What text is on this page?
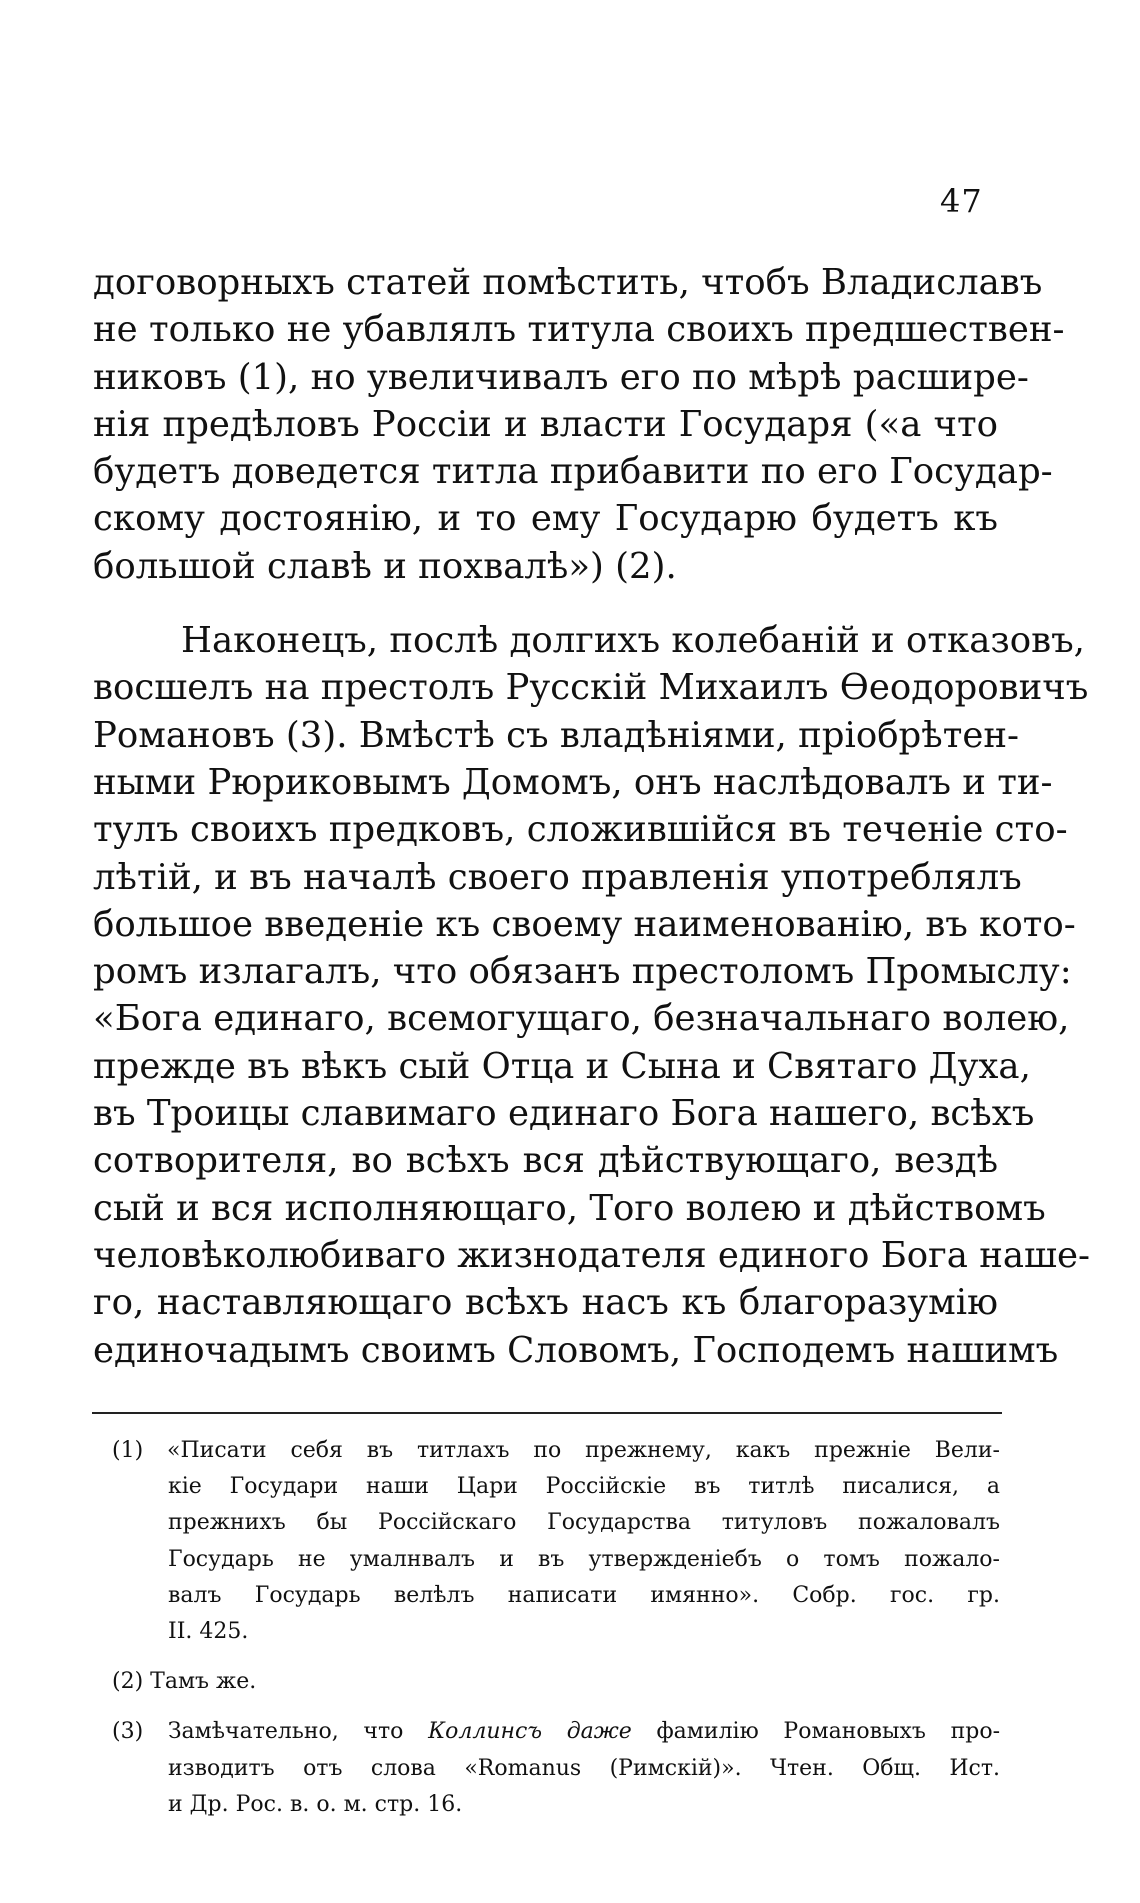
47
договорныхъ статей помѣстить, чтобъ Владиславъ
не только не убавлялъ титула своихъ предшествен-
никовъ (1), но увеличивалъ его по мѣрѣ расшире-
нія предѣловъ Россіи и власти Государя («а что
будетъ доведется титла прибавити по его Государ-
скому достоянію, и то ему Государю будетъ къ
большой славѣ и похвалѣ») (2).
Наконецъ, послѣ долгихъ колебаній и отказовъ,
восшелъ на престолъ Русскій Михаилъ Ѳеодоровичъ
Романовъ (3). Вмѣстѣ съ владѣніями, пріобрѣтен-
ными Рюриковымъ Домомъ, онъ наслѣдовалъ и ти-
тулъ своихъ предковъ, сложившійся въ теченіе сто-
лѣтій, и въ началѣ своего правленія употреблялъ
большое введеніе къ своему наименованію, въ кото-
ромъ излагалъ, что обязанъ престоломъ Промыслу:
«Бога единаго, всемогущаго, безначальнаго волею,
прежде въ вѣкъ сый Отца и Сына и Святаго Духа,
въ Троицы славимаго единаго Бога нашего, всѣхъ
сотворителя, во всѣхъ вся дѣйствующаго, вездѣ
сый и вся исполняющаго, Того волею и дѣйствомъ
человѣколюбиваго жизнодателя единого Бога наше-
го, наставляющаго всѣхъ насъ къ благоразумію
единочадымъ своимъ Словомъ, Господемъ нашимъ
(1) «Писати себя въ титлахъ по прежнему, какъ прежніе Вели-
кіе Государи наши Цари Россійскіе въ титлѣ писалися, а
прежнихъ бы Россійскаго Государства титуловъ пожаловалъ
Государь не умалнвалъ и въ утвержденіебъ о томъ пожало-
валъ Государь велѣлъ написати имянно». Собр. гос. гр.
II. 425.
(2) Тамъ же.
(3) Замѣчательно, что Коллинсъ даже фамилію Романовыхъ про-
изводитъ отъ слова «Romanus (Римскій)». Чтен. Общ. Ист.
и Др. Рос. в. о. м. стр. 16.
